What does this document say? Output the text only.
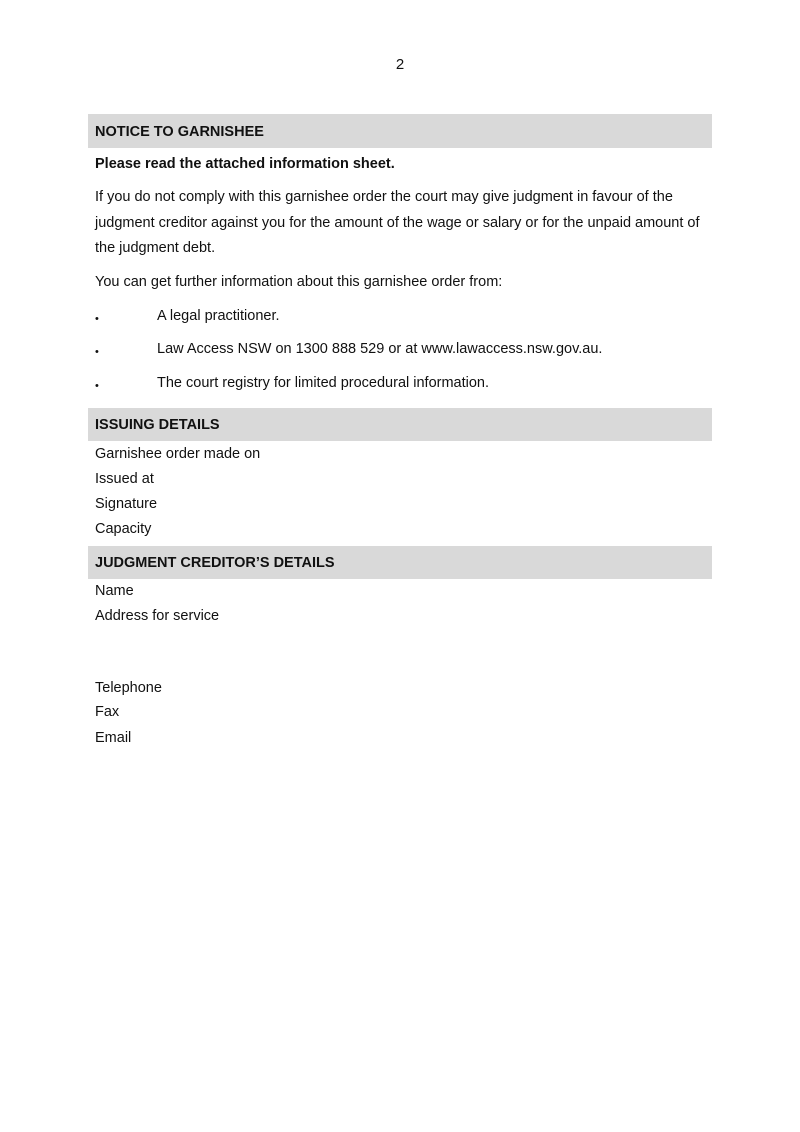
2
NOTICE TO GARNISHEE
Please read the attached information sheet.
If you do not comply with this garnishee order the court may give judgment in favour of the judgment creditor against you for the amount of the wage or salary or for the unpaid amount of the judgment debt.
You can get further information about this garnishee order from:
•	A legal practitioner.
•	Law Access NSW on 1300 888 529 or at www.lawaccess.nsw.gov.au.
•	The court registry for limited procedural information.
ISSUING DETAILS
Garnishee order made on
Issued at
Signature
Capacity
JUDGMENT CREDITOR’S DETAILS
Name
Address for service
Telephone
Fax
Email
